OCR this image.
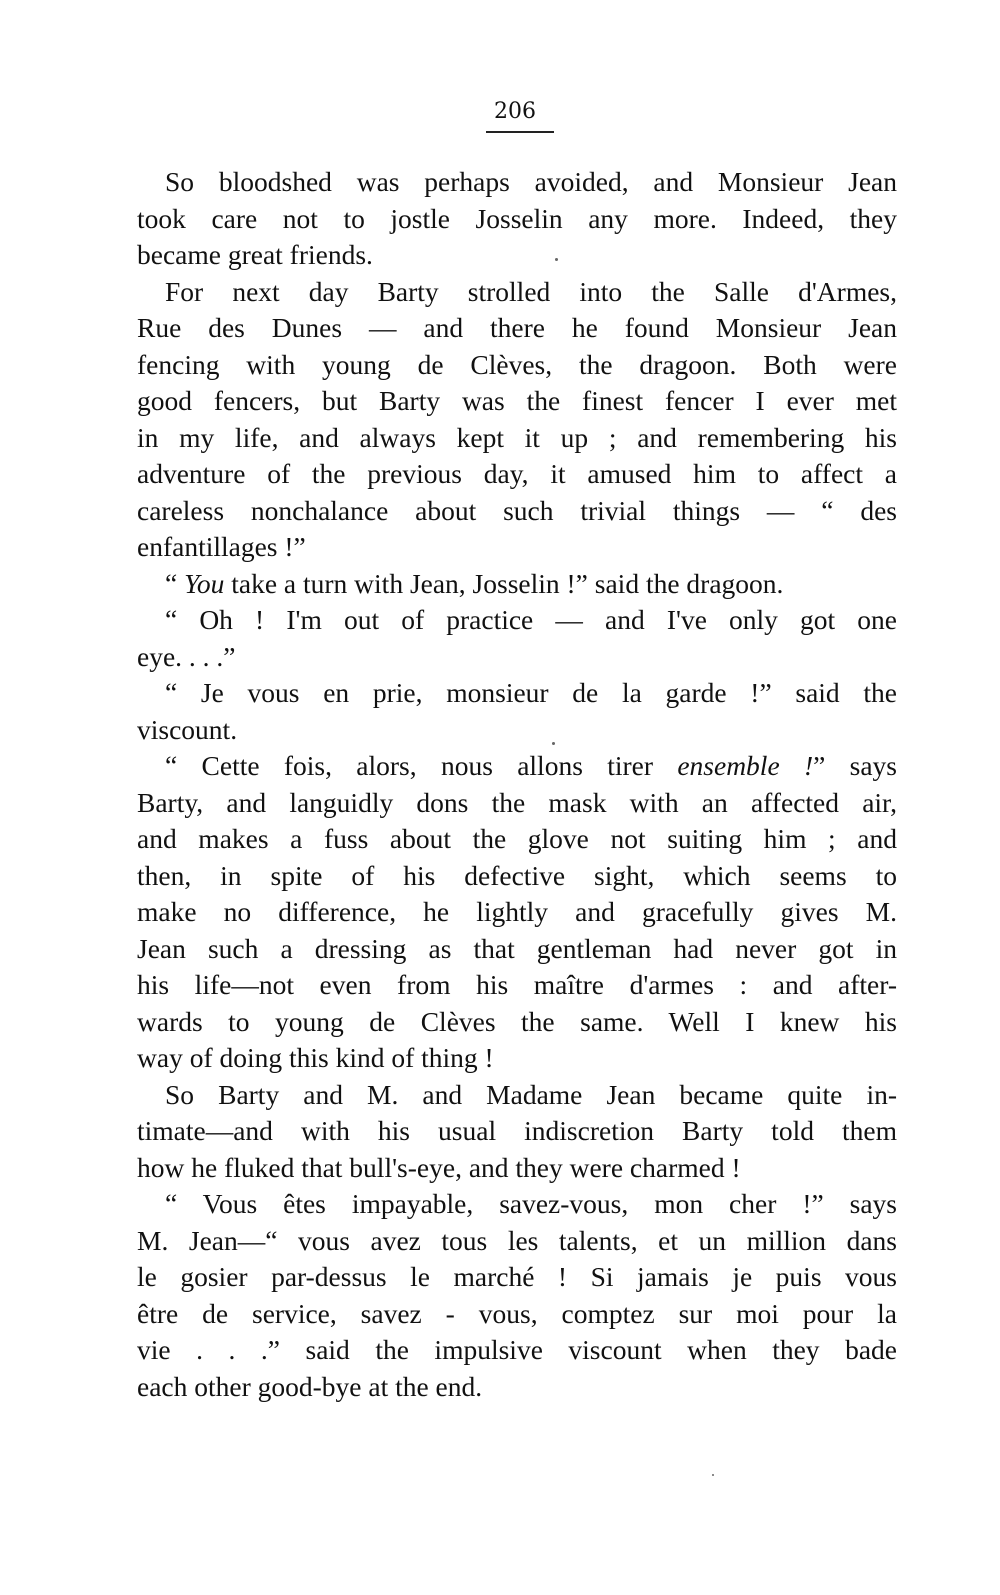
206
So bloodshed was perhaps avoided, and Monsieur Jean
took care not to jostle Josselin any more. Indeed, they
became great friends.
For next day Barty strolled into the Salle d'Armes,
Rue des Dunes — and there he found Monsieur Jean
fencing with young de Clèves, the dragoon. Both were
good fencers, but Barty was the finest fencer I ever met
in my life, and always kept it up ; and remembering his
adventure of the previous day, it amused him to affect a
careless nonchalance about such trivial things — “ des
enfantillages !”
“ You take a turn with Jean, Josselin !” said the dragoon.
“ Oh ! I'm out of practice — and I've only got one
eye. . . .”
“ Je vous en prie, monsieur de la garde !” said the
viscount.
“ Cette fois, alors, nous allons tirer ensemble !” says
Barty, and languidly dons the mask with an affected air,
and makes a fuss about the glove not suiting him ; and
then, in spite of his defective sight, which seems to
make no difference, he lightly and gracefully gives M.
Jean such a dressing as that gentleman had never got in
his life—not even from his maître d'armes : and after-
wards to young de Clèves the same. Well I knew his
way of doing this kind of thing !
So Barty and M. and Madame Jean became quite in-
timate—and with his usual indiscretion Barty told them
how he fluked that bull's-eye, and they were charmed !
“ Vous êtes impayable, savez-vous, mon cher !” says
M. Jean—“ vous avez tous les talents, et un million dans
le gosier par-dessus le marché ! Si jamais je puis vous
être de service, savez - vous, comptez sur moi pour la
vie . . .” said the impulsive viscount when they bade
each other good-bye at the end.
